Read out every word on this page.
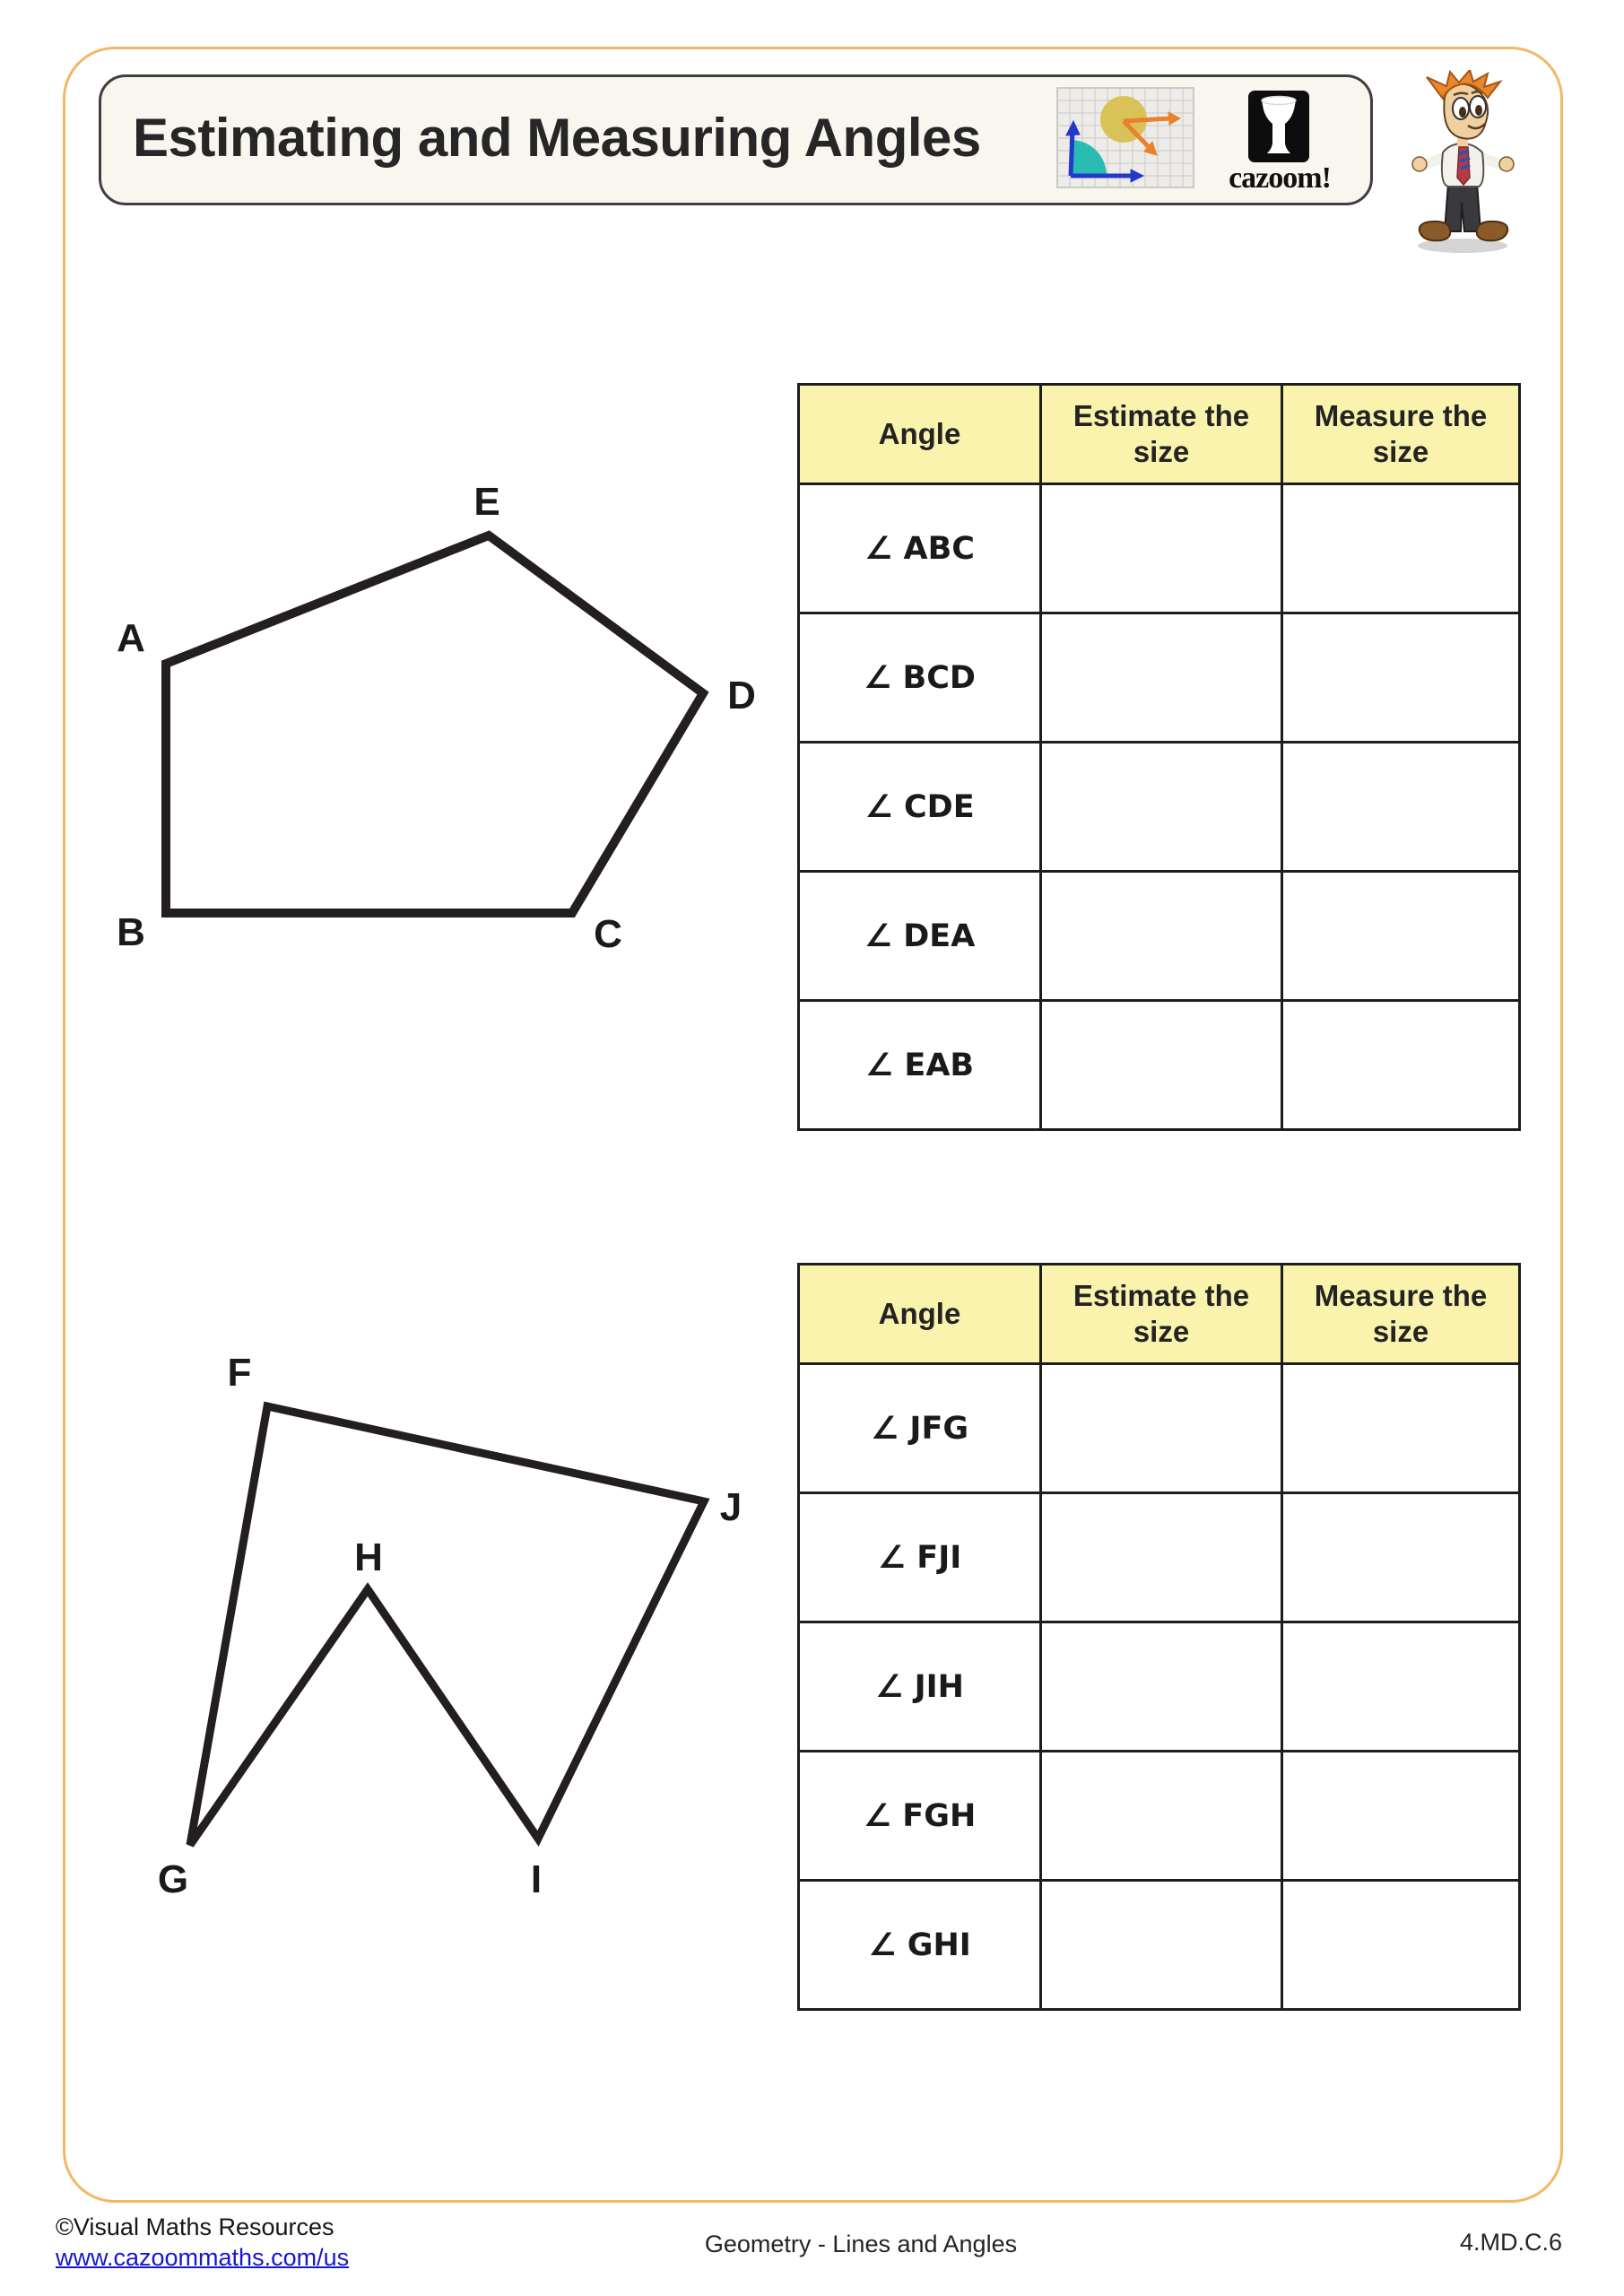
Estimating and Measuring Angles
cazoom!
A
B	C
D
E
F
G
H
I
J
Angle	Estimate the size	Measure the size
∠ ABC		
∠ BCD		
∠ CDE		
∠ DEA		
∠ EAB		
Angle	Estimate the size	Measure the size
∠ JFG		
∠ FJI		
∠ JIH		
∠ FGH		
∠ GHI		
©Visual Maths Resources
www.cazoommaths.com/us	Geometry - Lines and Angles	4.MD.C.6
